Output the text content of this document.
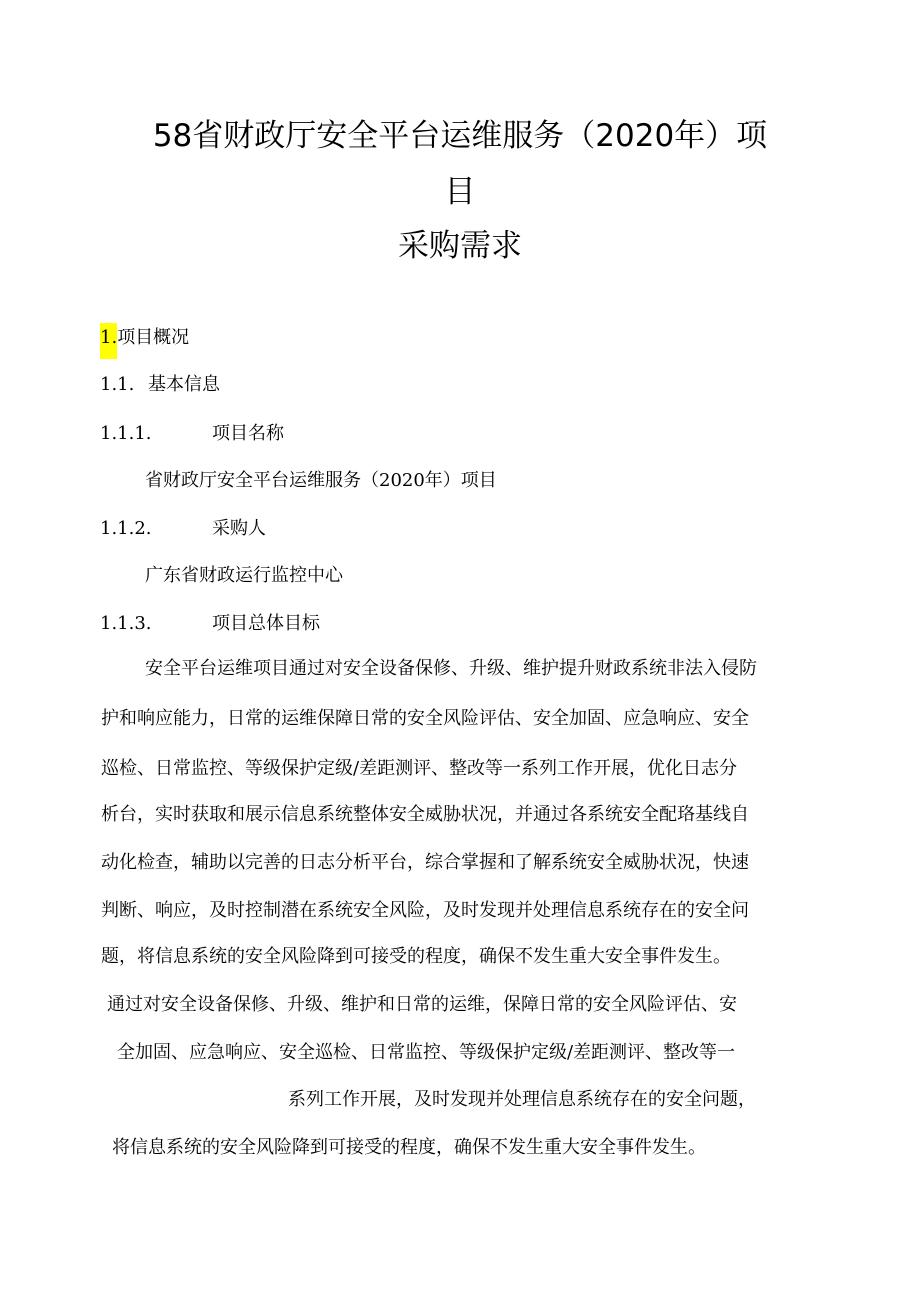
58省财政厅安全平台运维服务（2020年）项
目
采购需求
1.项目概况
1.1. 基本信息
1.1.1.	项目名称
省财政厅安全平台运维服务（2020年）项目
1.1.2.	采购人
广东省财政运行监控中心
1.1.3.	项目总体目标
安全平台运维项目通过对安全设备保修、升级、维护提升财政系统非法入侵防
护和响应能力，日常的运维保障日常的安全风险评估、安全加固、应急响应、安全
巡检、日常监控、等级保护定级/差距测评、整改等一系列工作开展，优化日志分
析台，实时获取和展示信息系统整体安全威胁状况，并通过各系统安全配珞基线自
动化检查，辅助以完善的日志分析平台，综合掌握和了解系统安全威胁状况，快速
判断、响应，及时控制潜在系统安全风险，及时发现并处理信息系统存在的安全问
题，将信息系统的安全风险降到可接受的程度，确保不发生重大安全事件发生。
通过对安全设备保修、升级、维护和日常的运维，保障日常的安全风险评估、安
全加固、应急响应、安全巡检、日常监控、等级保护定级/差距测评、整改等一
系列工作开展，及时发现并处理信息系统存在的安全问题，
将信息系统的安全风险降到可接受的程度，确保不发生重大安全事件发生。
